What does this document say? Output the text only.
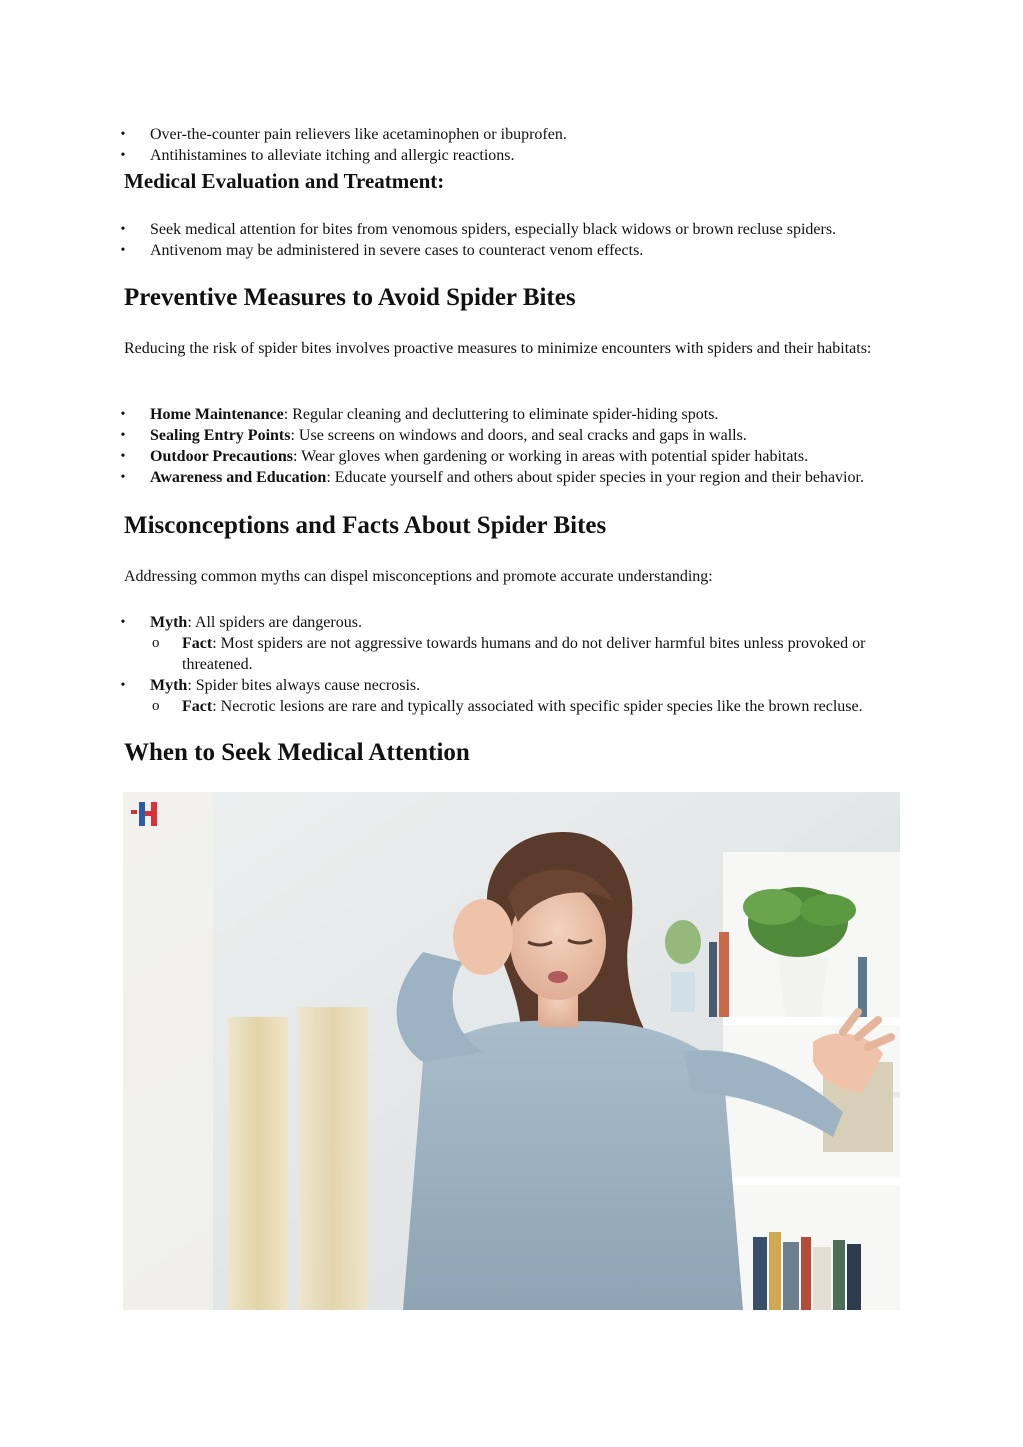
• Over-the-counter pain relievers like acetaminophen or ibuprofen.
• Antihistamines to alleviate itching and allergic reactions.
Medical Evaluation and Treatment:
• Seek medical attention for bites from venomous spiders, especially black widows or brown recluse spiders.
• Antivenom may be administered in severe cases to counteract venom effects.
Preventive Measures to Avoid Spider Bites

Reducing the risk of spider bites involves proactive measures to minimize encounters with spiders and their habitats:

• Home Maintenance: Regular cleaning and decluttering to eliminate spider-hiding spots.
• Sealing Entry Points: Use screens on windows and doors, and seal cracks and gaps in walls.
• Outdoor Precautions: Wear gloves when gardening or working in areas with potential spider habitats.
• Awareness and Education: Educate yourself and others about spider species in your region and their behavior.
Misconceptions and Facts About Spider Bites

Addressing common myths can dispel misconceptions and promote accurate understanding:

• Myth: All spiders are dangerous.
o Fact: Most spiders are not aggressive towards humans and do not deliver harmful bites unless provoked or threatened.
• Myth: Spider bites always cause necrosis.
o Fact: Necrotic lesions are rare and typically associated with specific spider species like the brown recluse.
When to Seek Medical Attention
